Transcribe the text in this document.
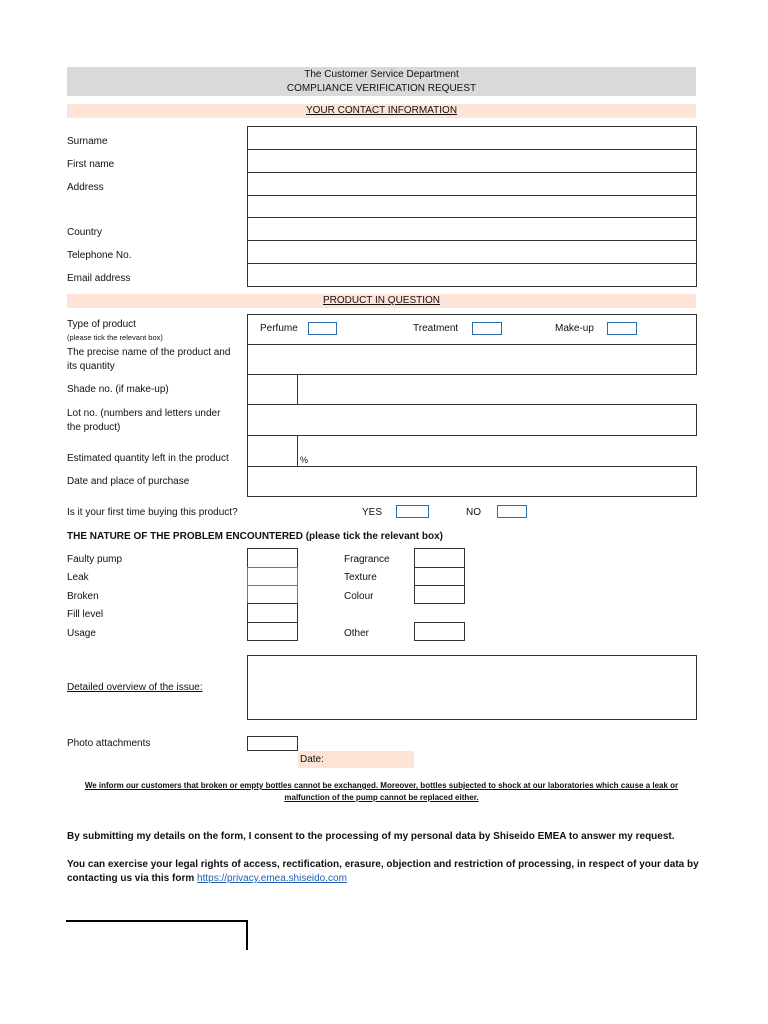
The Customer Service Department
COMPLIANCE VERIFICATION REQUEST
YOUR CONTACT INFORMATION
Surname
First name
Address
Country
Telephone No.
Email address
PRODUCT IN QUESTION
Type of product
(please tick the relevant box)
Perfume	Treatment	Make-up
The precise name of the product and
its quantity
Shade no. (if make-up)
Lot no. (numbers and letters under
the product)
Estimated quantity left in the product	%
Date and place of purchase
Is it your first time buying this product?	YES	NO
THE NATURE OF THE PROBLEM ENCOUNTERED (please tick the relevant box)
Faulty pump
Leak
Broken
Fill level
Usage
Fragrance
Texture
Colour
Other
Detailed overview of the issue:
Photo attachments
Date:
We inform our customers that broken or empty bottles cannot be exchanged. Moreover, bottles subjected to shock at our laboratories which cause a leak or
malfunction of the pump cannot be replaced either.
By submitting my details on the form, I consent to the processing of my personal data by Shiseido EMEA to answer my request.
You can exercise your legal rights of access, rectification, erasure, objection and restriction of processing, in respect of your data by contacting us via this form https://privacy.emea.shiseido.com
